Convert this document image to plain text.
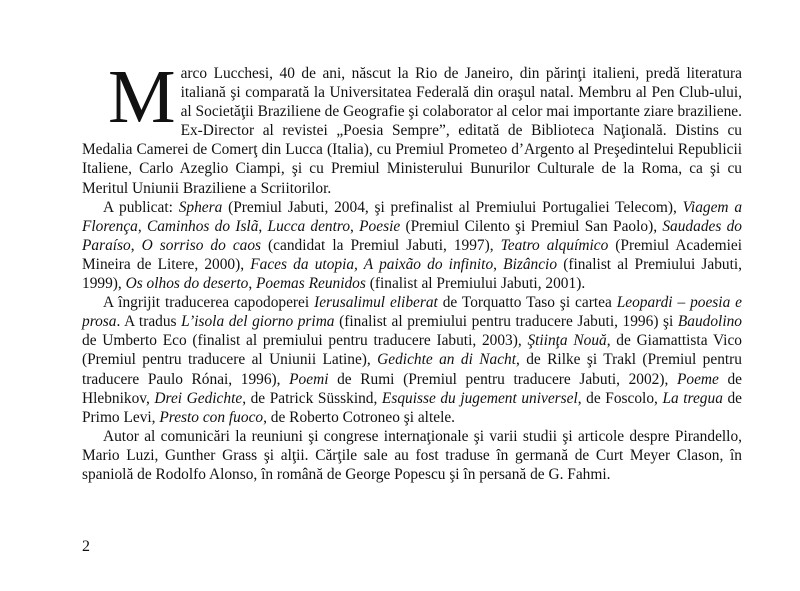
Marco Lucchesi, 40 de ani, născut la Rio de Janeiro, din părinţi italieni, predă literatura italiană şi comparată la Universitatea Federală din oraşul natal. Membru al Pen Club-ului, al Societăţii Braziliene de Geografie şi colaborator al celor mai importante ziare braziliene. Ex-Director al revistei „Poesia Sempre”, editată de Biblioteca Naţională. Distins cu Medalia Camerei de Comerţ din Lucca (Italia), cu Premiul Prometeo d’Argento al Preşedintelui Republicii Italiene, Carlo Azeglio Ciampi, şi cu Premiul Ministerului Bunurilor Culturale de la Roma, ca şi cu Meritul Uniunii Braziliene a Scriitorilor.

A publicat: Sphera (Premiul Jabuti, 2004, şi prefinalist al Premiului Portugaliei Telecom), Viagem a Florença, Caminhos do Islã, Lucca dentro, Poesie (Premiul Cilento şi Premiul San Paolo), Saudades do Paraíso, O sorriso do caos (candidat la Premiul Jabuti, 1997), Teatro alquímico (Premiul Academiei Mineira de Litere, 2000), Faces da utopia, A paixão do infinito, Bizâncio (finalist al Premiului Jabuti, 1999), Os olhos do deserto, Poemas Reunidos (finalist al Premiului Jabuti, 2001).

A îngrijit traducerea capodoperei Ierusalimul eliberat de Torquatto Taso şi cartea Leopardi – poesia e prosa. A tradus L’isola del giorno prima (finalist al premiului pentru traducere Jabuti, 1996) şi Baudolino de Umberto Eco (finalist al premiului pentru traducere Iabuti, 2003), Ştiinţa Nouă, de Giamattista Vico (Premiul pentru traducere al Uniunii Latine), Gedichte an di Nacht, de Rilke şi Trakl (Premiul pentru traducere Paulo Rónai, 1996), Poemi de Rumi (Premiul pentru traducere Jabuti, 2002), Poeme de Hlebnikov, Drei Gedichte, de Patrick Süsskind, Esquisse du jugement universel, de Foscolo, La tregua de Primo Levi, Presto con fuoco, de Roberto Cotroneo şi altele.

Autor al comunicări la reuniuni şi congrese internaţionale şi varii studii şi articole despre Pirandello, Mario Luzi, Gunther Grass şi alţii. Cărţile sale au fost traduse în germană de Curt Meyer Clason, în spaniolă de Rodolfo Alonso, în română de George Popescu şi în persană de G. Fahmi.

2
